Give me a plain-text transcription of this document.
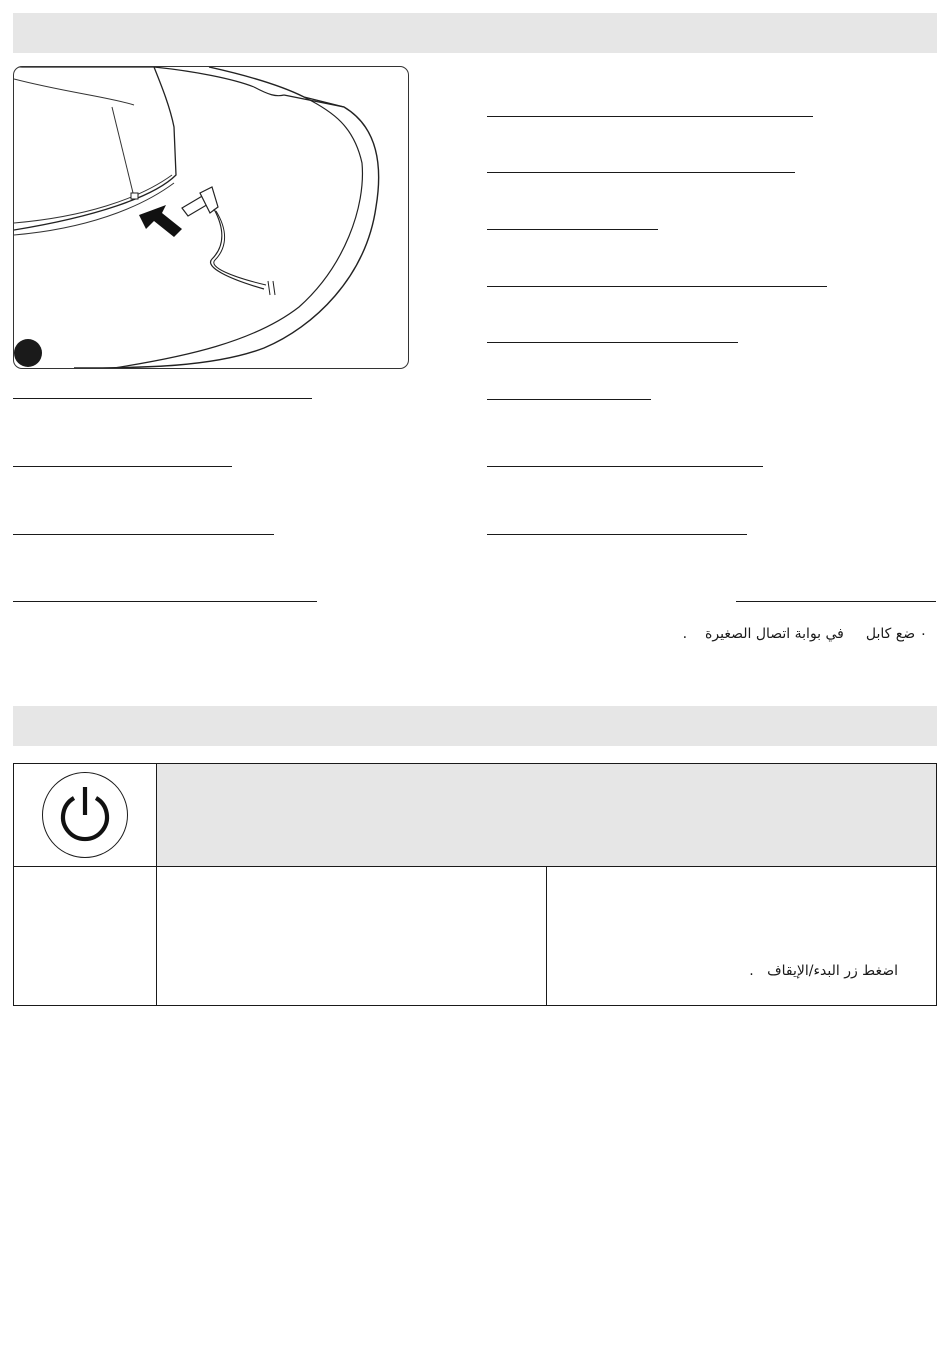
٠ ضع كابلفي بوابة اتصال الصغيرة.

		اضغط زر البدء/الإيقاف   .
